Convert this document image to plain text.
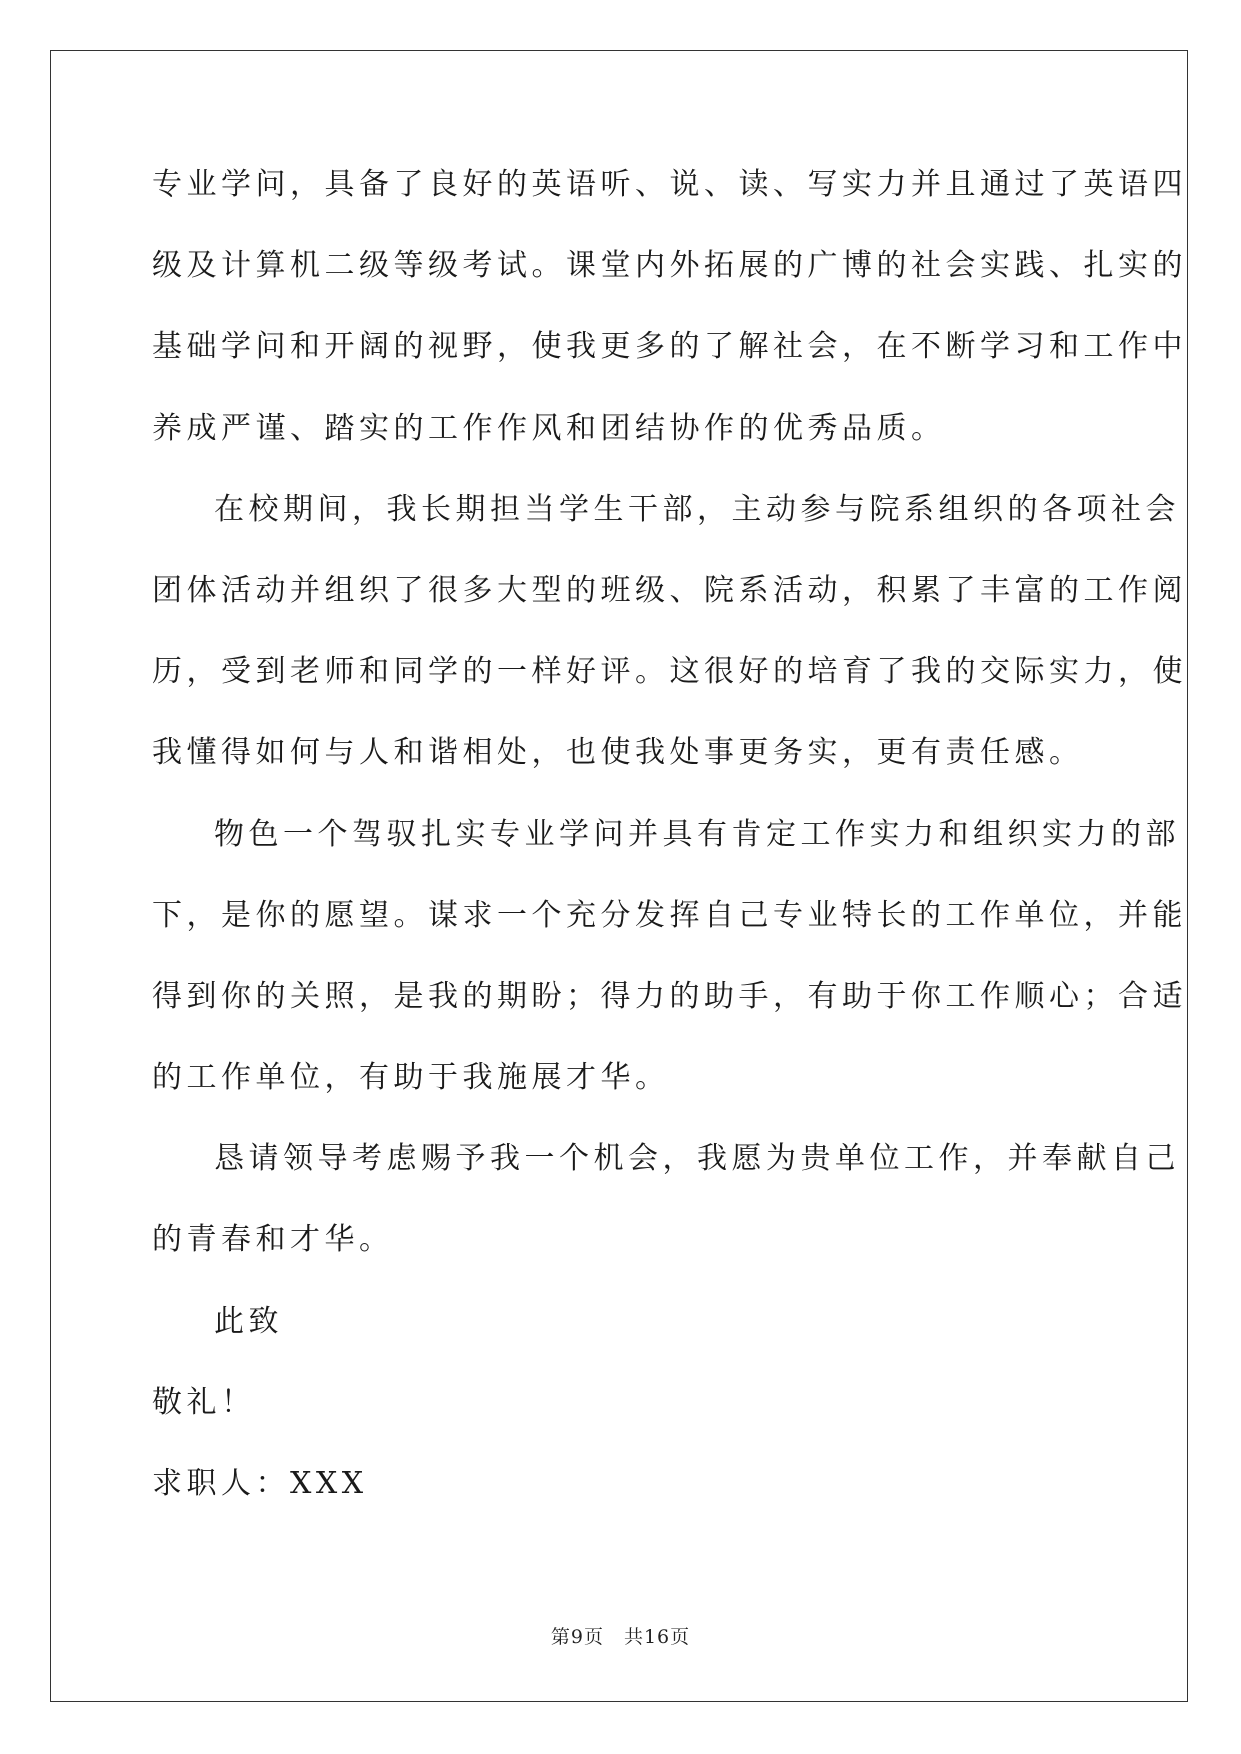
专业学问，具备了良好的英语听、说、读、写实力并且通过了英语四

级及计算机二级等级考试。课堂内外拓展的广博的社会实践、扎实的

基础学问和开阔的视野，使我更多的了解社会，在不断学习和工作中

养成严谨、踏实的工作作风和团结协作的优秀品质。

在校期间，我长期担当学生干部，主动参与院系组织的各项社会

团体活动并组织了很多大型的班级、院系活动，积累了丰富的工作阅

历，受到老师和同学的一样好评。这很好的培育了我的交际实力，使

我懂得如何与人和谐相处，也使我处事更务实，更有责任感。

物色一个驾驭扎实专业学问并具有肯定工作实力和组织实力的部

下，是你的愿望。谋求一个充分发挥自己专业特长的工作单位，并能

得到你的关照，是我的期盼；得力的助手，有助于你工作顺心；合适

的工作单位，有助于我施展才华。

恳请领导考虑赐予我一个机会，我愿为贵单位工作，并奉献自己

的青春和才华。

此致

敬礼！

求职人：XXX

第9页　共16页
